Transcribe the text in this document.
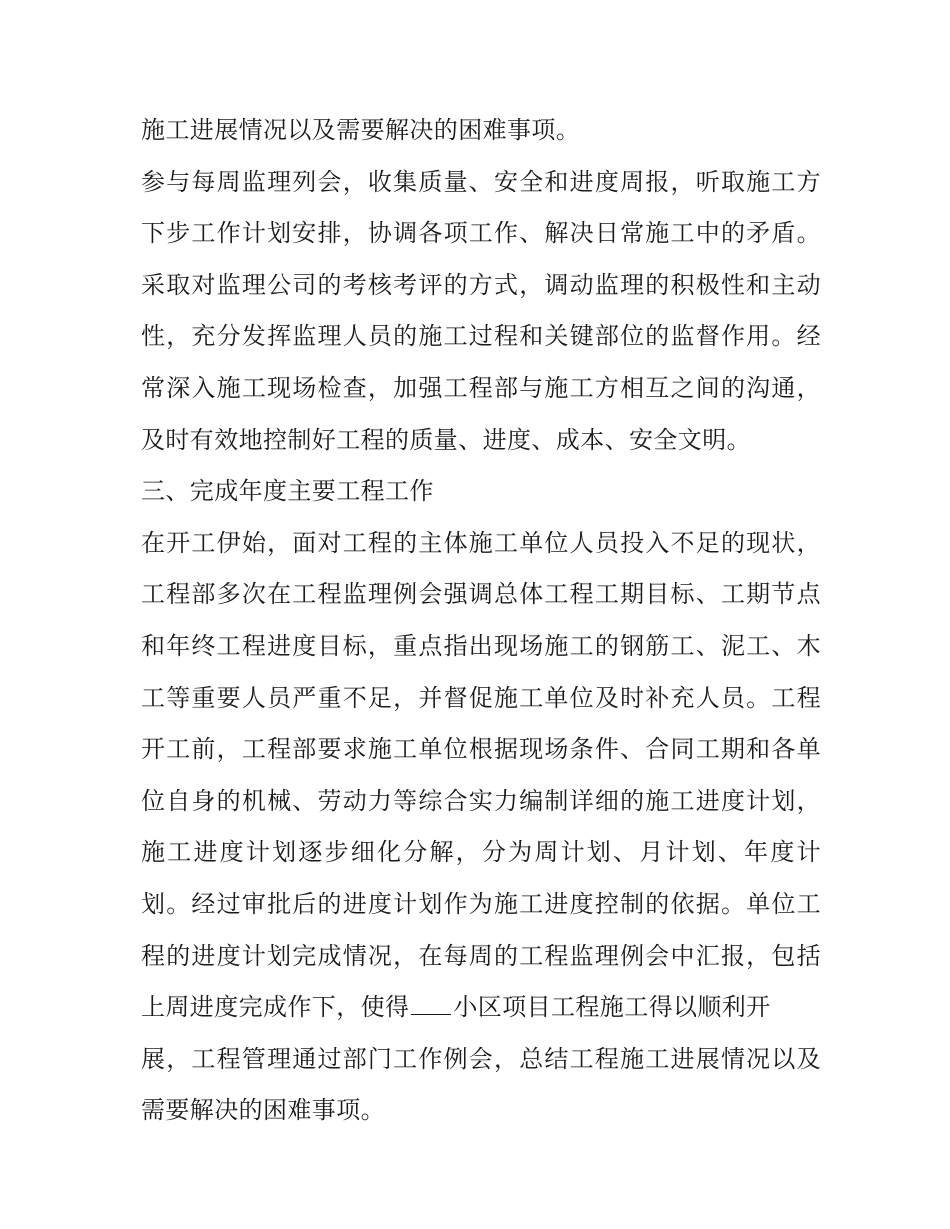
施工进展情况以及需要解决的困难事项。
参与每周监理列会，收集质量、安全和进度周报，听取施工方
下步工作计划安排，协调各项工作、解决日常施工中的矛盾。
采取对监理公司的考核考评的方式，调动监理的积极性和主动
性，充分发挥监理人员的施工过程和关键部位的监督作用。经
常深入施工现场检查，加强工程部与施工方相互之间的沟通，
及时有效地控制好工程的质量、进度、成本、安全文明。
三、完成年度主要工程工作
在开工伊始，面对工程的主体施工单位人员投入不足的现状，
工程部多次在工程监理例会强调总体工程工期目标、工期节点
和年终工程进度目标，重点指出现场施工的钢筋工、泥工、木
工等重要人员严重不足，并督促施工单位及时补充人员。工程
开工前，工程部要求施工单位根据现场条件、合同工期和各单
位自身的机械、劳动力等综合实力编制详细的施工进度计划，
施工进度计划逐步细化分解，分为周计划、月计划、年度计
划。经过审批后的进度计划作为施工进度控制的依据。单位工
程的进度计划完成情况，在每周的工程监理例会中汇报，包括
上周进度完成作下，使得 小区项目工程施工得以顺利开
展，工程管理通过部门工作例会，总结工程施工进展情况以及
需要解决的困难事项。
